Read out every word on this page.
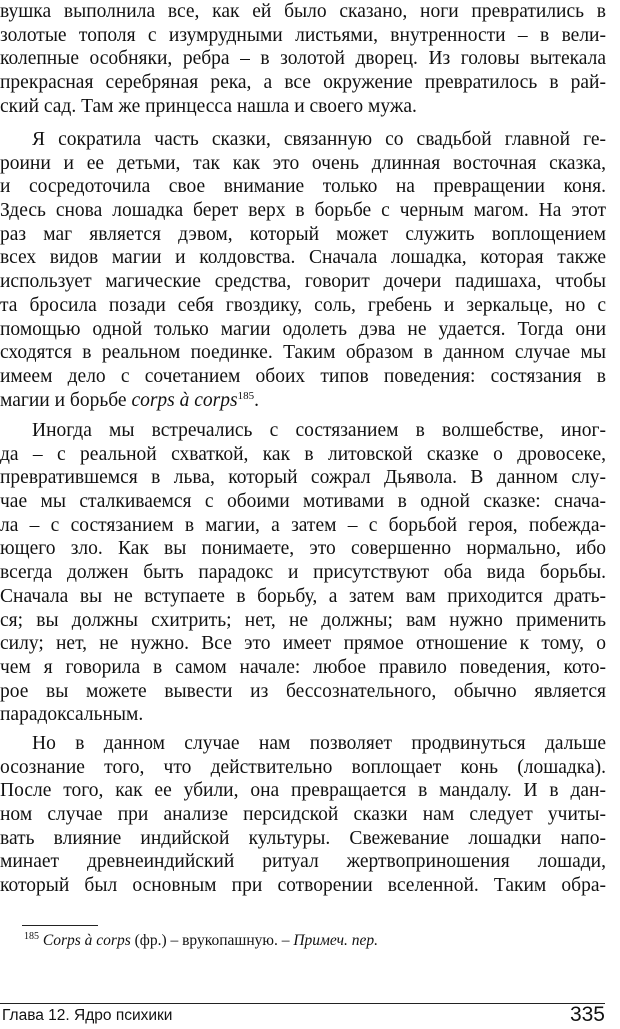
вушка выполнила все, как ей было сказано, ноги превратились в
золотые тополя с изумрудными листьями, внутренности – в вели-
колепные особняки, ребра – в золотой дворец. Из головы вытекала
прекрасная серебряная река, а все окружение превратилось в рай-
ский сад. Там же принцесса нашла и своего мужа.
Я сократила часть сказки, связанную со свадьбой главной ге-
роини и ее детьми, так как это очень длинная восточная сказка,
и сосредоточила свое внимание только на превращении коня.
Здесь снова лошадка берет верх в борьбе с черным магом. На этот
раз маг является дэвом, который может служить воплощением
всех видов магии и колдовства. Сначала лошадка, которая также
использует магические средства, говорит дочери падишаха, чтобы
та бросила позади себя гвоздику, соль, гребень и зеркальце, но с
помощью одной только магии одолеть дэва не удается. Тогда они
сходятся в реальном поединке. Таким образом в данном случае мы
имеем дело с сочетанием обоих типов поведения: состязания в
магии и борьбе corps à corps$^{185}$.
Иногда мы встречались с состязанием в волшебстве, иног-
да – с реальной схваткой, как в литовской сказке о дровосеке,
превратившемся в льва, который сожрал Дьявола. В данном слу-
чае мы сталкиваемся с обоими мотивами в одной сказке: снача-
ла – с состязанием в магии, а затем – с борьбой героя, побежда-
ющего зло. Как вы понимаете, это совершенно нормально, ибо
всегда должен быть парадокс и присутствуют оба вида борьбы.
Сначала вы не вступаете в борьбу, а затем вам приходится драть-
ся; вы должны схитрить; нет, не должны; вам нужно применить
силу; нет, не нужно. Все это имеет прямое отношение к тому, о
чем я говорила в самом начале: любое правило поведения, кото-
рое вы можете вывести из бессознательного, обычно является
парадоксальным.
Но в данном случае нам позволяет продвинуться дальше
осознание того, что действительно воплощает конь (лошадка).
После того, как ее убили, она превращается в мандалу. И в дан-
ном случае при анализе персидской сказки нам следует учиты-
вать влияние индийской культуры. Свежевание лошадки напо-
минает древнеиндийский ритуал жертвоприношения лошади,
который был основным при сотворении вселенной. Таким обра-
$^{185}$ Corps à corps (фр.) – врукопашную. – Примеч. пер.
Глава 12. Ядро психики	335
